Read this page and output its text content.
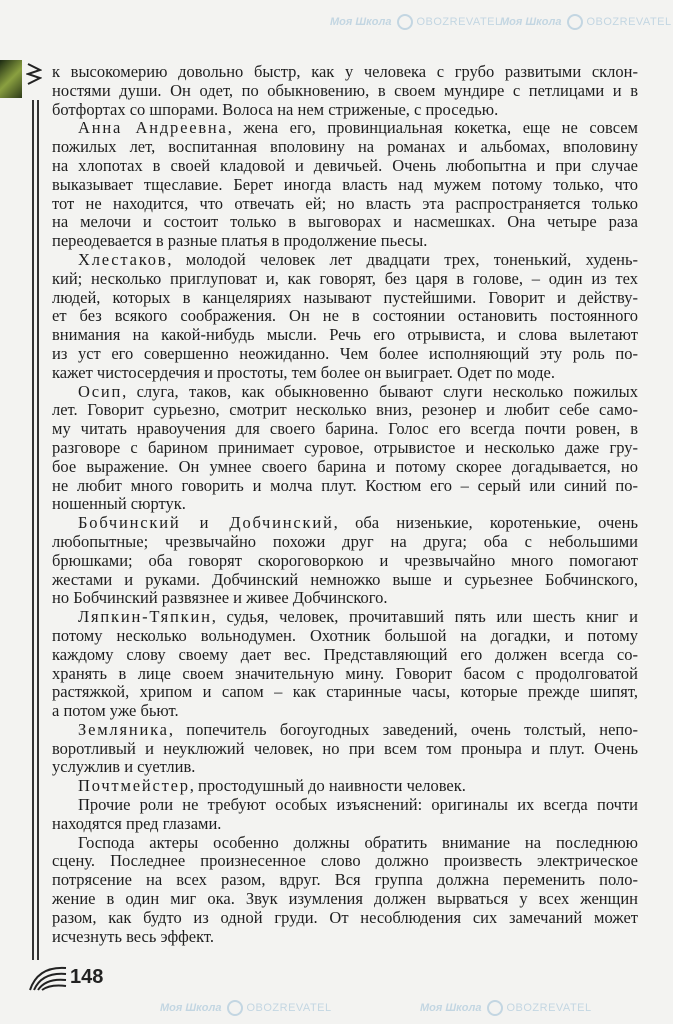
Моя Школа OBOZREVATEL
Моя Школа OBOZREVATEL
Моя Школа OBOZREVATEL	Моя Школа OBOZREVATEL
к высокомерию довольно быстр, как у человека с грубо развитыми склон-
ностями души. Он одет, по обыкновению, в своем мундире с петлицами и в
ботфортах со шпорами. Волоса на нем стриженые, с проседью.
Анна Андреевна, жена его, провинциальная кокетка, еще не совсем
пожилых лет, воспитанная вполовину на романах и альбомах, вполовину
на хлопотах в своей кладовой и девичьей. Очень любопытна и при случае
выказывает тщеславие. Берет иногда власть над мужем потому только, что
тот не находится, что отвечать ей; но власть эта распространяется только
на мелочи и состоит только в выговорах и насмешках. Она четыре раза
переодевается в разные платья в продолжение пьесы.
Хлестаков, молодой человек лет двадцати трех, тоненький, худень-
кий; несколько приглуповат и, как говорят, без царя в голове, – один из тех
людей, которых в канцеляриях называют пустейшими. Говорит и действу-
ет без всякого соображения. Он не в состоянии остановить постоянного
внимания на какой-нибудь мысли. Речь его отрывиста, и слова вылетают
из уст его совершенно неожиданно. Чем более исполняющий эту роль по-
кажет чистосердечия и простоты, тем более он выиграет. Одет по моде.
Осип, слуга, таков, как обыкновенно бывают слуги несколько пожилых
лет. Говорит сурьезно, смотрит несколько вниз, резонер и любит себе само-
му читать нравоучения для своего барина. Голос его всегда почти ровен, в
разговоре с барином принимает суровое, отрывистое и несколько даже гру-
бое выражение. Он умнее своего барина и потому скорее догадывается, но
не любит много говорить и молча плут. Костюм его – серый или синий по-
ношенный сюртук.
Бобчинский и Добчинский, оба низенькие, коротенькие, очень
любопытные; чрезвычайно похожи друг на друга; оба с небольшими
брюшками; оба говорят скороговоркою и чрезвычайно много помогают
жестами и руками. Добчинский немножко выше и сурьезнее Бобчинского,
но Бобчинский развязнее и живее Добчинского.
Ляпкин-Тяпкин, судья, человек, прочитавший пять или шесть книг и
потому несколько вольнодумен. Охотник большой на догадки, и потому
каждому слову своему дает вес. Представляющий его должен всегда со-
хранять в лице своем значительную мину. Говорит басом с продолговатой
растяжкой, хрипом и сапом – как старинные часы, которые прежде шипят,
а потом уже бьют.
Земляника, попечитель богоугодных заведений, очень толстый, непо-
воротливый и неуклюжий человек, но при всем том проныра и плут. Очень
услужлив и суетлив.
Почтмейстер, простодушный до наивности человек.
Прочие роли не требуют особых изъяснений: оригиналы их всегда почти
находятся пред глазами.
Господа актеры особенно должны обратить внимание на последнюю
сцену. Последнее произнесенное слово должно произвесть электрическое
потрясение на всех разом, вдруг. Вся группа должна переменить поло-
жение в один миг ока. Звук изумления должен вырваться у всех женщин
разом, как будто из одной груди. От несоблюдения сих замечаний может
исчезнуть весь эффект.
148
